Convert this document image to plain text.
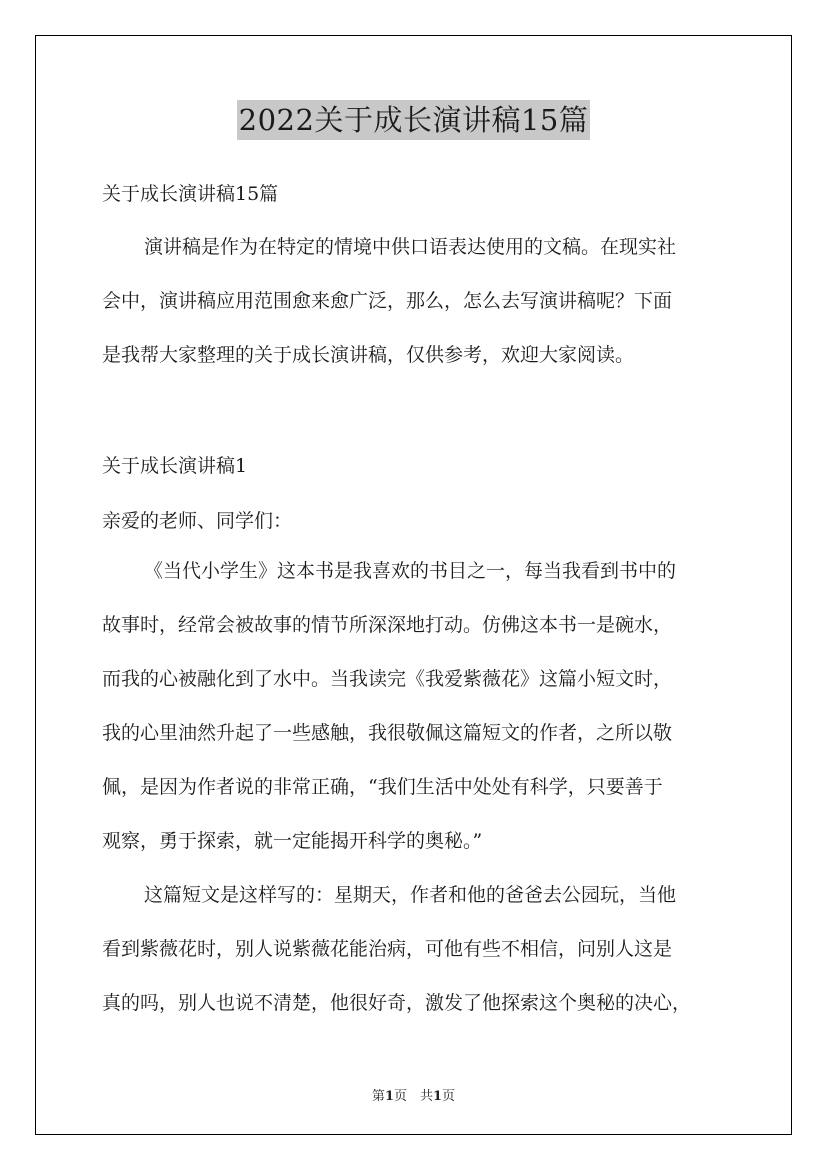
2022关于成长演讲稿15篇
关于成长演讲稿15篇

演讲稿是作为在特定的情境中供口语表达使用的文稿。在现实社

会中，演讲稿应用范围愈来愈广泛，那么，怎么去写演讲稿呢？下面

是我帮大家整理的关于成长演讲稿，仅供参考，欢迎大家阅读。

关于成长演讲稿1
亲爱的老师、同学们：

《当代小学生》这本书是我喜欢的书目之一，每当我看到书中的

故事时，经常会被故事的情节所深深地打动。仿佛这本书一是碗水，

而我的心被融化到了水中。当我读完《我爱紫薇花》这篇小短文时，

我的心里油然升起了一些感触，我很敬佩这篇短文的作者，之所以敬

佩，是因为作者说的非常正确，“我们生活中处处有科学，只要善于

观察，勇于探索，就一定能揭开科学的奥秘。”

这篇短文是这样写的：星期天，作者和他的爸爸去公园玩，当他

看到紫薇花时，别人说紫薇花能治病，可他有些不相信，问别人这是

真的吗，别人也说不清楚，他很好奇，激发了他探索这个奥秘的决心，

第1页　共1页
